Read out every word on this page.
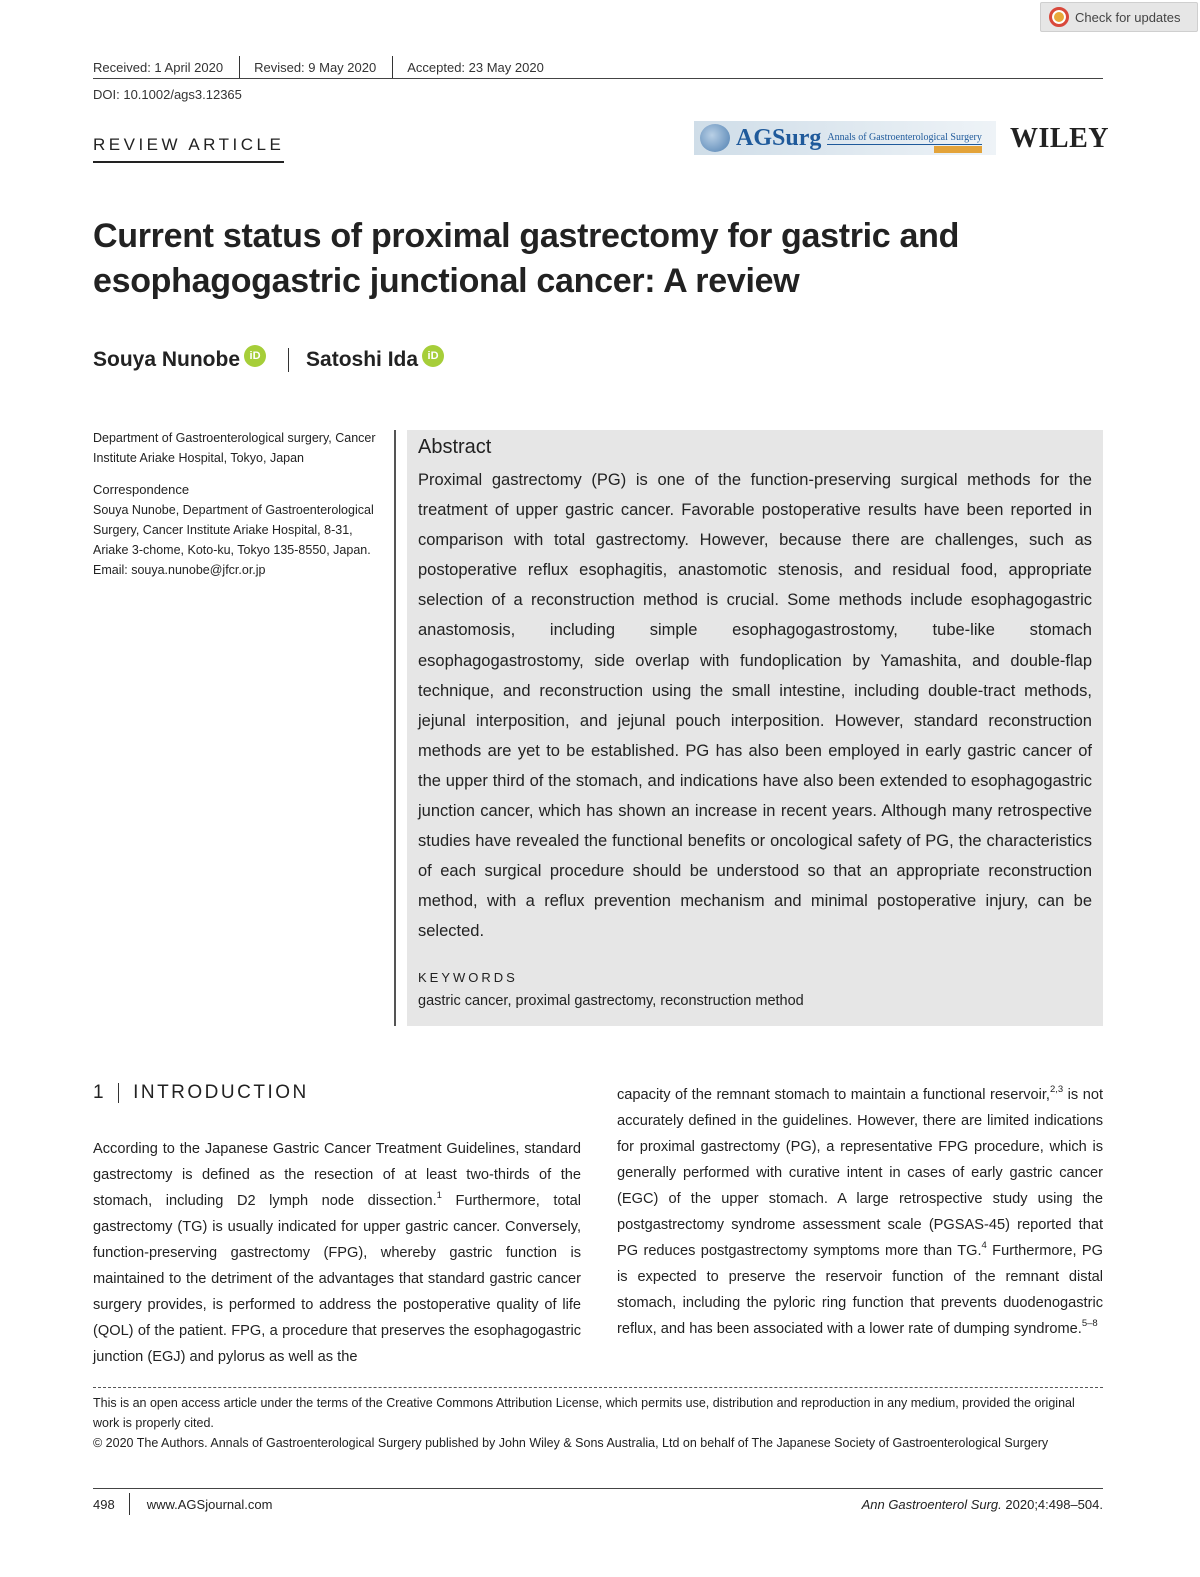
Check for updates
Received: 1 April 2020 Revised: 9 May 2020 Accepted: 23 May 2020
DOI: 10.1002/ags3.12365
REVIEW ARTICLE	AGSurg Annals of Gastroenterological Surgery WILEY
Current status of proximal gastrectomy for gastric and esophagogastric junctional cancer: A review
Souya Nunobe iD Satoshi Ida iD
Department of Gastroenterological surgery, Cancer Institute Ariake Hospital, Tokyo, Japan
Correspondence
Souya Nunobe, Department of Gastroenterological Surgery, Cancer Institute Ariake Hospital, 8-31, Ariake 3-chome, Koto-ku, Tokyo 135-8550, Japan.
Email: souya.nunobe@jfcr.or.jp
Abstract

Proximal gastrectomy (PG) is one of the function-preserving surgical methods for the treatment of upper gastric cancer. Favorable postoperative results have been reported in comparison with total gastrectomy. However, because there are challenges, such as postoperative reflux esophagitis, anastomotic stenosis, and residual food, appropriate selection of a reconstruction method is crucial. Some methods include esophagogastric anastomosis, including simple esophagogastrostomy, tube-like stomach esophagogastrostomy, side overlap with fundoplication by Yamashita, and double-flap technique, and reconstruction using the small intestine, including double-tract methods, jejunal interposition, and jejunal pouch interposition. However, standard reconstruction methods are yet to be established. PG has also been employed in early gastric cancer of the upper third of the stomach, and indications have also been extended to esophagogastric junction cancer, which has shown an increase in recent years. Although many retrospective studies have revealed the functional benefits or oncological safety of PG, the characteristics of each surgical procedure should be understood so that an appropriate reconstruction method, with a reflux prevention mechanism and minimal postoperative injury, can be selected.

KEYWORDS
gastric cancer, proximal gastrectomy, reconstruction method
1 INTRODUCTION

According to the Japanese Gastric Cancer Treatment Guidelines, standard gastrectomy is defined as the resection of at least two-thirds of the stomach, including D2 lymph node dissection.$^1$ Furthermore, total gastrectomy (TG) is usually indicated for upper gastric cancer. Conversely, function-preserving gastrectomy (FPG), whereby gastric function is maintained to the detriment of the advantages that standard gastric cancer surgery provides, is performed to address the postoperative quality of life (QOL) of the patient. FPG, a procedure that preserves the esophagogastric junction (EGJ) and pylorus as well as the

capacity of the remnant stomach to maintain a functional reservoir,$^{2,3}$ is not accurately defined in the guidelines. However, there are limited indications for proximal gastrectomy (PG), a representative FPG procedure, which is generally performed with curative intent in cases of early gastric cancer (EGC) of the upper stomach. A large retrospective study using the postgastrectomy syndrome assessment scale (PGSAS-45) reported that PG reduces postgastrectomy symptoms more than TG.$^4$ Furthermore, PG is expected to preserve the reservoir function of the remnant distal stomach, including the pyloric ring function that prevents duodenogastric reflux, and has been associated with a lower rate of dumping syndrome.$^{5-8}$

This is an open access article under the terms of the Creative Commons Attribution License, which permits use, distribution and reproduction in any medium, provided the original work is properly cited.
© 2020 The Authors. Annals of Gastroenterological Surgery published by John Wiley & Sons Australia, Ltd on behalf of The Japanese Society of Gastroenterological Surgery
498 www.AGSjournal.com	Ann Gastroenterol Surg. 2020;4:498–504.
